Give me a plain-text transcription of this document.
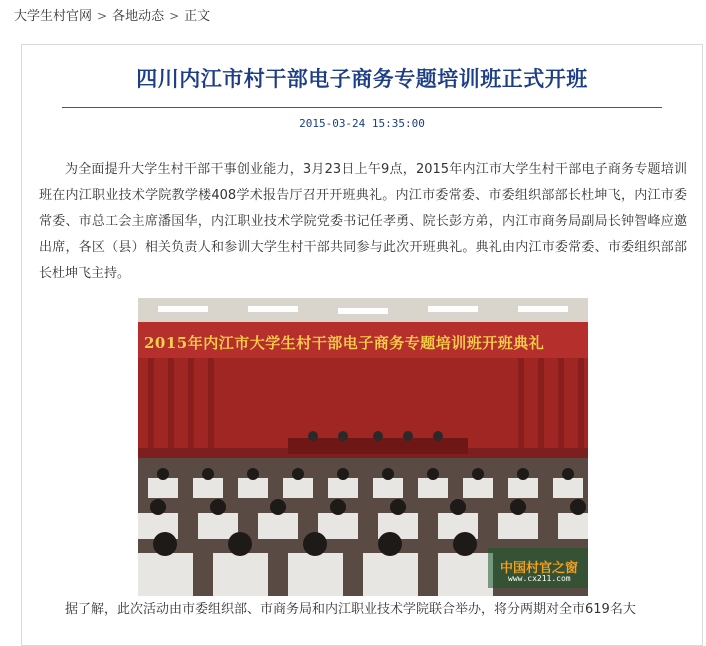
大学生村官网 > 各地动态 > 正文
四川内江市村干部电子商务专题培训班正式开班
2015-03-24 15:35:00

为全面提升大学生村干部干事创业能力，3月23日上午9点，2015年内江市大学生村干部电子商务专题培训班在内江职业技术学院教学楼408学术报告厅召开开班典礼。内江市委常委、市委组织部部长杜坤飞，内江市委常委、市总工会主席潘国华，内江职业技术学院党委书记任孝勇、院长彭方弟，内江市商务局副局长钟智峰应邀出席，各区（县）相关负责人和参训大学生村干部共同参与此次开班典礼。典礼由内江市委常委、市委组织部部长杜坤飞主持。

2015年内江市大学生村干部电子商务专题培训班开班典礼
中国村官之窗
www.cx211.com

据了解，此次活动由市委组织部、市商务局和内江职业技术学院联合举办，将分两期对全市619名大
